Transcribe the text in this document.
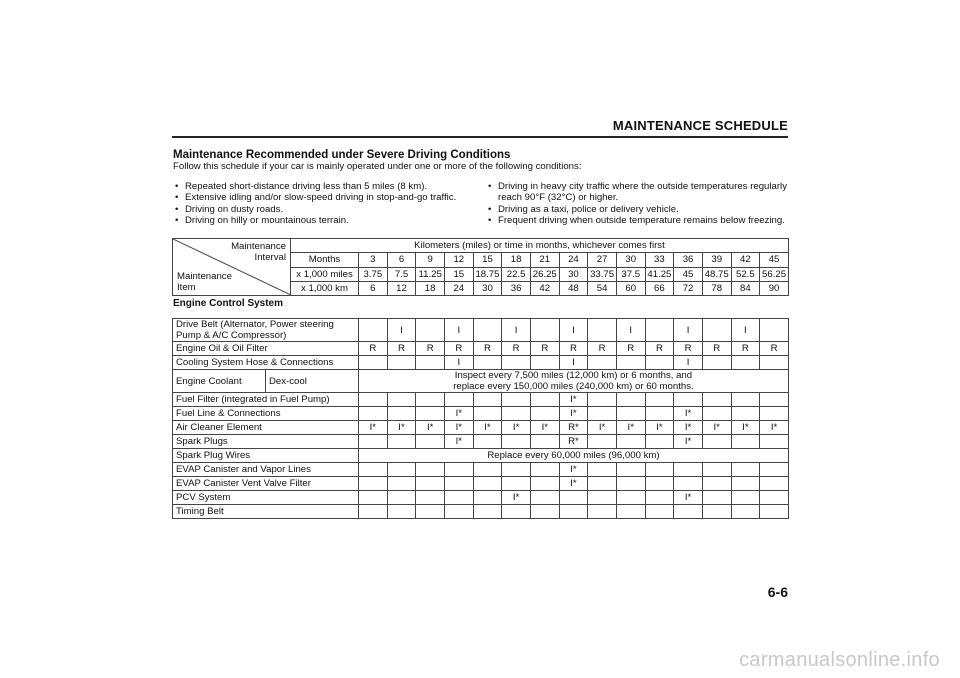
MAINTENANCE SCHEDULE
Maintenance Recommended under Severe Driving Conditions
Follow this schedule if your car is mainly operated under one or more of the following conditions:
• Repeated short-distance driving less than 5 miles (8 km).
• Extensive idling and/or slow-speed driving in stop-and-go traffic.
• Driving on dusty roads.
• Driving on hilly or mountainous terrain.
• Driving in heavy city traffic where the outside temperatures regularly reach 90°F (32°C) or higher.
• Driving as a taxi, police or delivery vehicle.
• Frequent driving when outside temperature remains below freezing.
Maintenance
Interval
Maintenance
Item	Kilometers (miles) or time in months, whichever comes first															
	Months	3	6	9	12	15	18	21	24	27	30	33	36	39	42	45
	x 1,000 miles	3.75	7.5	11.25	15	18.75	22.5	26.25	30	33.75	37.5	41.25	45	48.75	52.5	56.25
	x 1,000 km	6	12	18	24	30	36	42	48	54	60	66	72	78	84	90
Engine Control System
Drive Belt (Alternator, Power steering
Pump & A/C Compressor)			I		I		I		I		I		I		I	
Engine Oil & Oil Filter		R	R	R	R	R	R	R	R	R	R	R	R	R	R	R
Cooling System Hose & Connections					I				I				I			
Engine Coolant	Dex-cool	Inspect every 7,500 miles (12,000 km) or 6 months, and
replace every 150,000 miles (240,000 km) or 60 months.														
Fuel Filter (integrated in Fuel Pump)									I*							
Fuel Line & Connections					I*				I*				I*			
Air Cleaner Element		I*	I*	I*	I*	I*	I*	I*	R*	I*	I*	I*	I*	I*	I*	I*
Spark Plugs					I*				R*				I*			
Spark Plug Wires		Replace every 60,000 miles (96,000 km)														
EVAP Canister and Vapor Lines									I*							
EVAP Canister Vent Valve Filter									I*							
PCV System							I*						I*			
Timing Belt																
6-6
carmanualsonline.info
